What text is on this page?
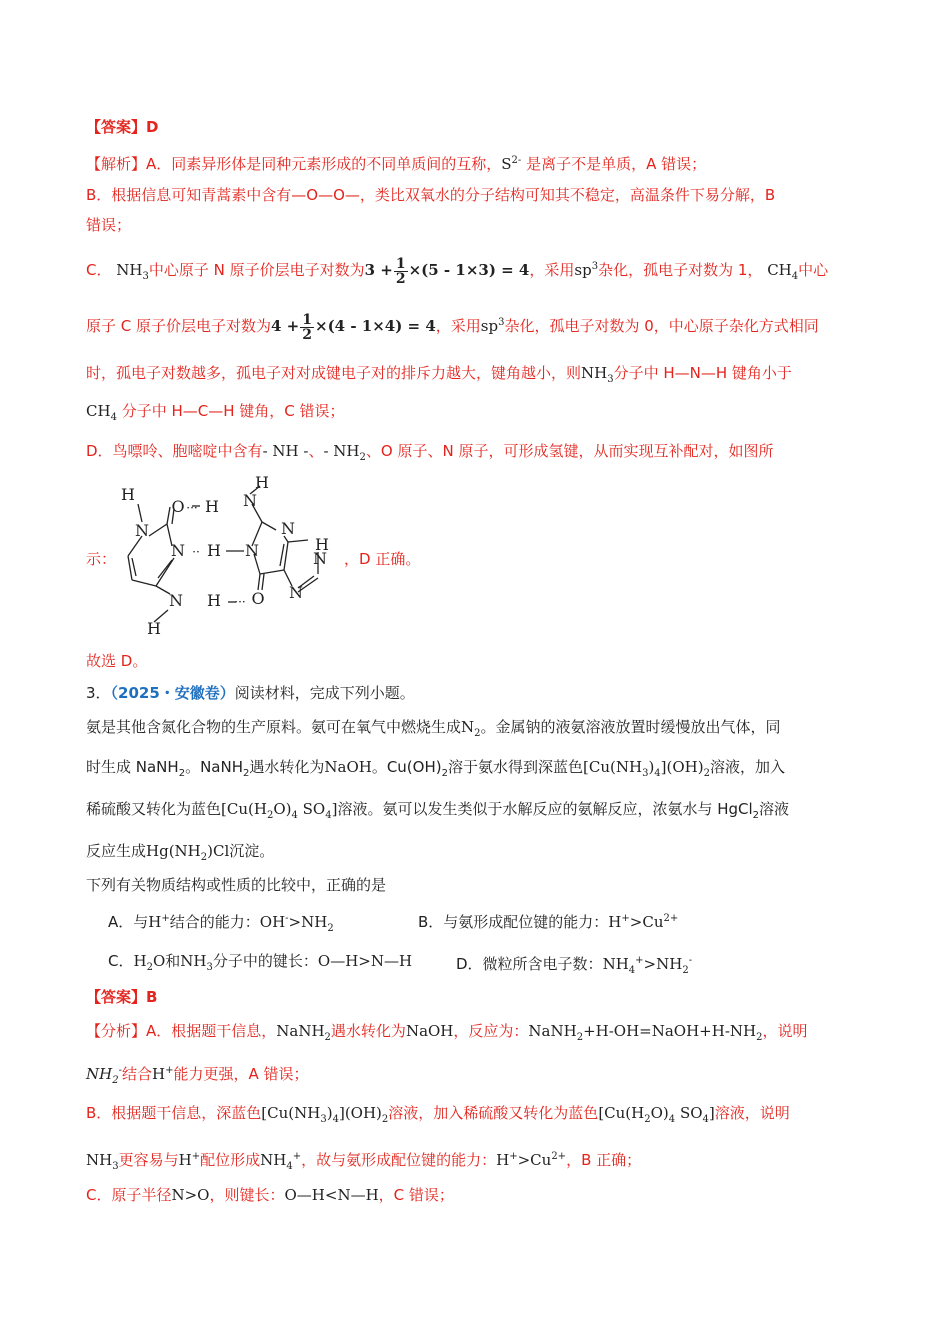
【答案】D
【解析】A．同素异形体是同种元素形成的不同单质间的互称，$S^{2-}$ 是离子不是单质，A 错误；
B．根据信息可知青蒿素中含有—O—O—，类比双氧水的分子结构可知其不稳定，高温条件下易分解，B
错误；
C． $NH_3$中心原子 N 原子价层电子对数为$3 + \frac{1}{2} \times(5 - 1\times 3) = 4$，采用$sp^3$杂化，孤电子对数为 1， $CH_4$中心
原子 C 原子价层电子对数为$4 + \frac{1}{2} \times(4 - 1\times 4) = 4$，采用$sp^3$杂化，孤电子对数为 0，中心原子杂化方式相同
时，孤电子对数越多，孤电子对对成键电子对的排斥力越大，键角越小，则$NH_3$分子中 H—N—H 键角小于
$CH_4$ 分子中 H—C—H 键角，C 错误；
D．鸟嘌呤、胞嘧啶中含有- NH -、- $NH_2$、O 原子、N 原子，可形成氢键，从而实现互补配对，如图所
H
N
O H N
H
N H N
N
H
N
N
O
N H
H
···
··
···
示：	，D 正确。
故选 D。
3．（2025・安徽卷）阅读材料，完成下列小题。
氨是其他含氮化合物的生产原料。氨可在氧气中燃烧生成$N_2$。金属钠的液氨溶液放置时缓慢放出气体，同
时生成 NaNH$_2$。NaNH$_2$遇水转化为NaOH。$Cu(OH)_2$溶于氨水得到深蓝色$[Cu(NH_3)_4](OH)_2$溶液，加入
稀硫酸又转化为蓝色[$Cu(H_2O)_4$ $SO_4$]溶液。氨可以发生类似于水解反应的氨解反应，浓氨水与 HgCl$_2$溶液
反应生成$Hg(NH_2)Cl$沉淀。
下列有关物质结构或性质的比较中，正确的是
A．与H+结合的能力：$OH^->NH_2$	B．与氨形成配位键的能力：$H^+>Cu^{2+}$
C．$H_2O$和$NH_3$分子中的键长：O—H>N—H	D．微粒所含电子数：$NH_4^+>NH_2^-$
【答案】B
【分析】A．根据题干信息，NaNH$_2$遇水转化为NaOH，反应为：$NaNH_2+H-OH=NaOH+H-NH_2$，说明
$NH_2^-$结合H+能力更强，A 错误；
B．根据题干信息，深蓝色$[Cu(NH_3)_4](OH)_2$溶液，加入稀硫酸又转化为蓝色[$Cu(H_2O)_4$ $SO_4$]溶液，说明
$NH_3$更容易与H+配位形成$NH_4^+$，故与氨形成配位键的能力：$H^+>Cu^{2+}$，B 正确；
C．原子半径N>O，则键长：O—H<N—H，C 错误；
